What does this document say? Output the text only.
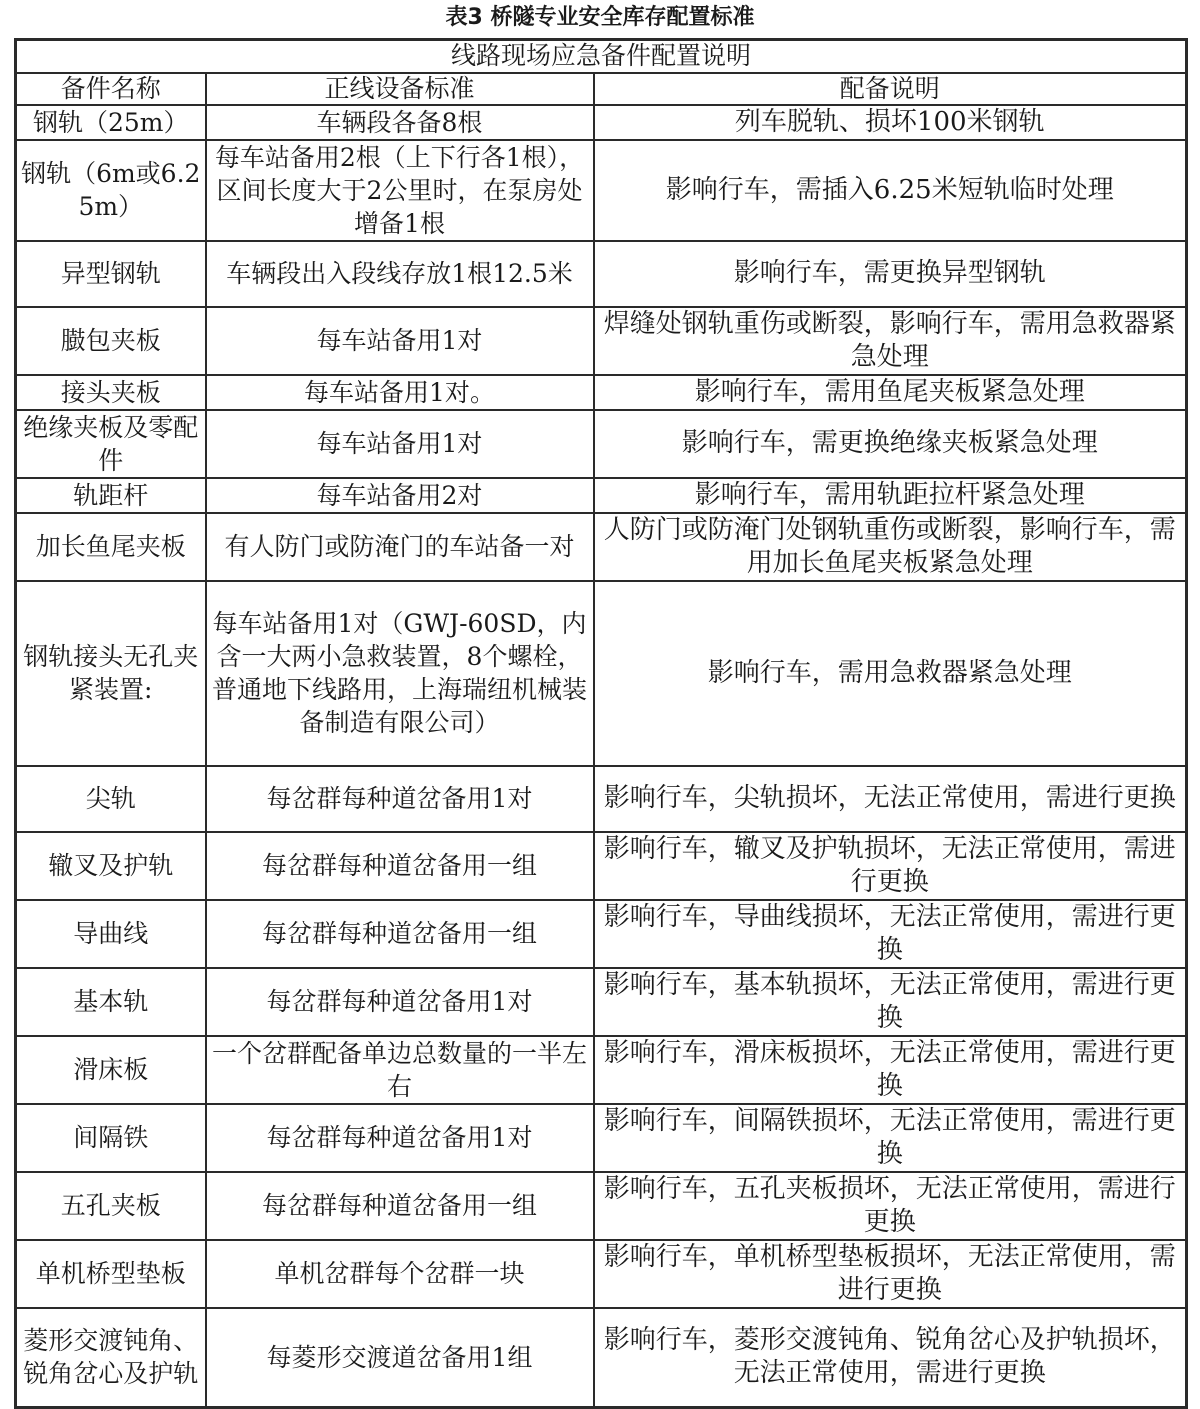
表3 桥隧专业安全库存配置标准
线路现场应急备件配置说明		
备件名称	正线设备标准	配备说明
钢轨（25m）	车辆段各备8根	列车脱轨、损坏100米钢轨
钢轨（6m或6.25m）	每车站备用2根（上下行各1根），区间长度大于2公里时，在泵房处增备1根	影响行车，需插入6.25米短轨临时处理
异型钢轨	车辆段出入段线存放1根12.5米	影响行车，需更换异型钢轨
臌包夹板	每车站备用1对	焊缝处钢轨重伤或断裂，影响行车，需用急救器紧急处理
接头夹板	每车站备用1对。	影响行车，需用鱼尾夹板紧急处理
绝缘夹板及零配件	每车站备用1对	影响行车，需更换绝缘夹板紧急处理
轨距杆	每车站备用2对	影响行车，需用轨距拉杆紧急处理
加长鱼尾夹板	有人防门或防淹门的车站备一对	人防门或防淹门处钢轨重伤或断裂，影响行车，需用加长鱼尾夹板紧急处理
钢轨接头无孔夹紧装置:	每车站备用1对（GWJ-60SD，内含一大两小急救装置，8个螺栓，普通地下线路用，上海瑞纽机械装备制造有限公司）	影响行车，需用急救器紧急处理
尖轨	每岔群每种道岔备用1对	影响行车，尖轨损坏，无法正常使用，需进行更换
辙叉及护轨	每岔群每种道岔备用一组	影响行车，辙叉及护轨损坏，无法正常使用，需进行更换
导曲线	每岔群每种道岔备用一组	影响行车，导曲线损坏，无法正常使用，需进行更换
基本轨	每岔群每种道岔备用1对	影响行车，基本轨损坏，无法正常使用，需进行更换
滑床板	一个岔群配备单边总数量的一半左右	影响行车，滑床板损坏，无法正常使用，需进行更换
间隔铁	每岔群每种道岔备用1对	影响行车，间隔铁损坏，无法正常使用，需进行更换
五孔夹板	每岔群每种道岔备用一组	影响行车，五孔夹板损坏，无法正常使用，需进行更换
单机桥型垫板	单机岔群每个岔群一块	影响行车，单机桥型垫板损坏，无法正常使用，需进行更换
菱形交渡钝角、锐角岔心及护轨	每菱形交渡道岔备用1组	影响行车，菱形交渡钝角、锐角岔心及护轨损坏，无法正常使用，需进行更换
